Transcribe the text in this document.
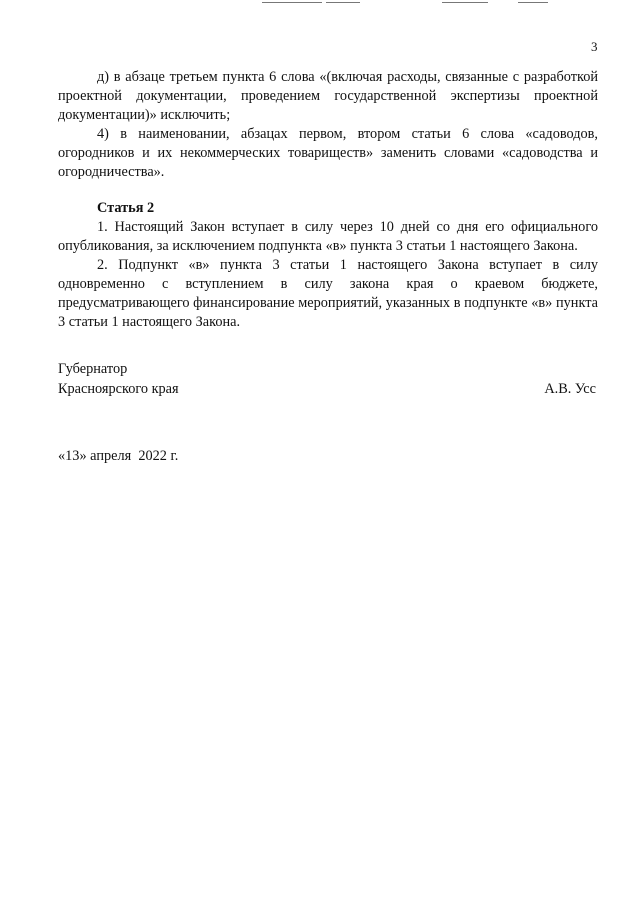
3

д) в абзаце третьем пункта 6 слова «(включая расходы, связанные с разработкой проектной документации, проведением государственной экспертизы проектной документации)» исключить;

4) в наименовании, абзацах первом, втором статьи 6 слова «садоводов, огородников и их некоммерческих товариществ» заменить словами «садоводства и огородничества».

Статья 2

1. Настоящий Закон вступает в силу через 10 дней со дня его официального опубликования, за исключением подпункта «в» пункта 3 статьи 1 настоящего Закона.

2. Подпункт «в» пункта 3 статьи 1 настоящего Закона вступает в силу одновременно с вступлением в силу закона края о краевом бюджете, предусматривающего финансирование мероприятий, указанных в подпункте «в» пункта 3 статьи 1 настоящего Закона.

Губернатор
Красноярского края	А.В. Усс
«13» апреля  2022 г.
